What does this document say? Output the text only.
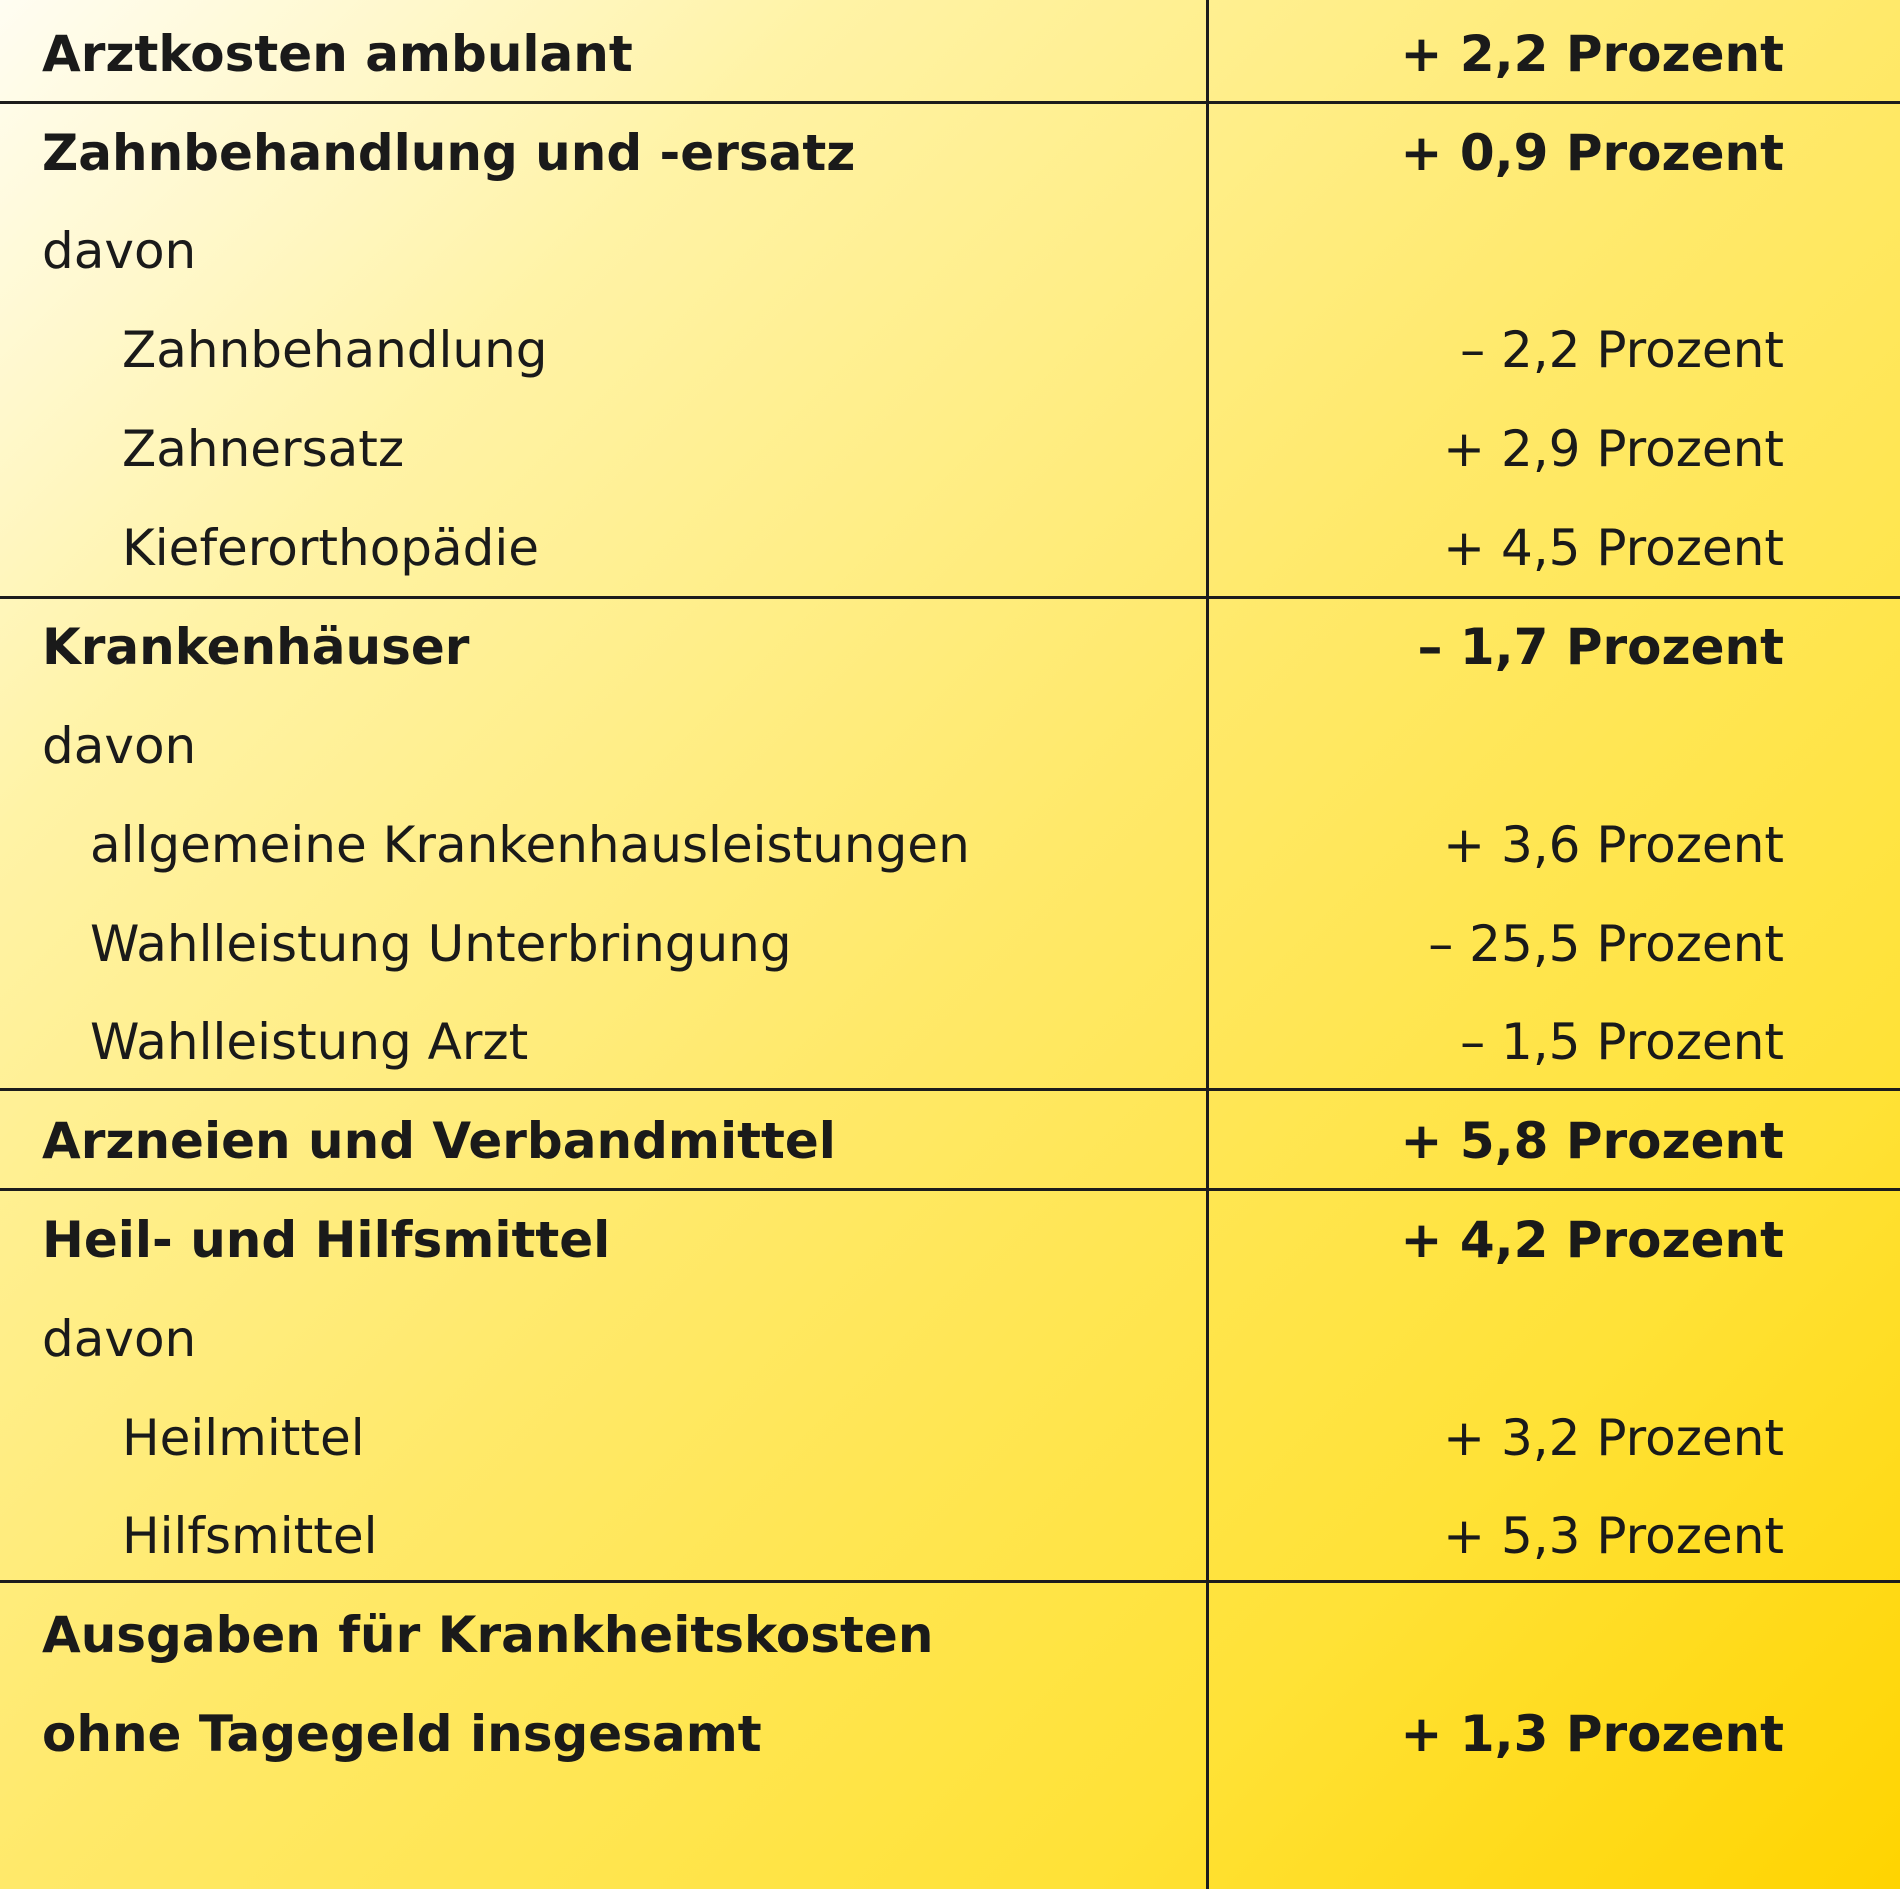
Arztkosten ambulant	+ 2,2 Prozent
Zahnbehandlung und -ersatz	+ 0,9 Prozent
davon
Zahnbehandlung	– 2,2 Prozent
Zahnersatz	+ 2,9 Prozent
Kieferorthopädie	+ 4,5 Prozent
Krankenhäuser	– 1,7 Prozent
davon
allgemeine Krankenhausleistungen	+ 3,6 Prozent
Wahlleistung Unterbringung	– 25,5 Prozent
Wahlleistung Arzt	– 1,5 Prozent
Arzneien und Verbandmittel	+ 5,8 Prozent
Heil- und Hilfsmittel	+ 4,2 Prozent
davon
Heilmittel	+ 3,2 Prozent
Hilfsmittel	+ 5,3 Prozent
Ausgaben für Krankheitskosten
ohne Tagegeld insgesamt	+ 1,3 Prozent
